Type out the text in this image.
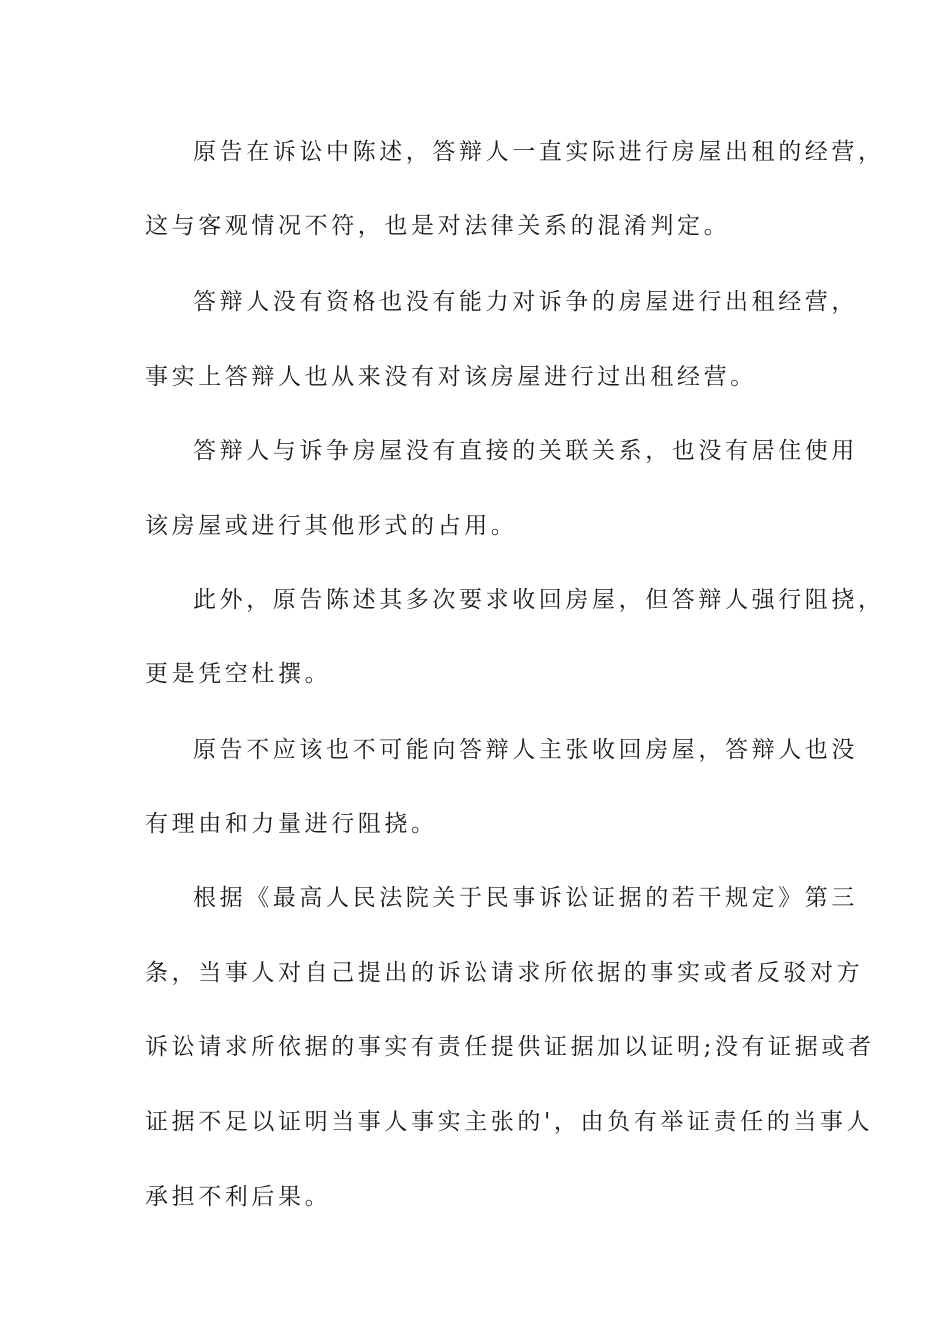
原告在诉讼中陈述，答辩人一直实际进行房屋出租的经营，
这与客观情况不符，也是对法律关系的混淆判定。
答辩人没有资格也没有能力对诉争的房屋进行出租经营，
事实上答辩人也从来没有对该房屋进行过出租经营。
答辩人与诉争房屋没有直接的关联关系，也没有居住使用
该房屋或进行其他形式的占用。
此外，原告陈述其多次要求收回房屋，但答辩人强行阻挠，
更是凭空杜撰。
原告不应该也不可能向答辩人主张收回房屋，答辩人也没
有理由和力量进行阻挠。
根据《最高人民法院关于民事诉讼证据的若干规定》第三
条，当事人对自己提出的诉讼请求所依据的事实或者反驳对方
诉讼请求所依据的事实有责任提供证据加以证明;没有证据或者
证据不足以证明当事人事实主张的'，由负有举证责任的当事人
承担不利后果。
